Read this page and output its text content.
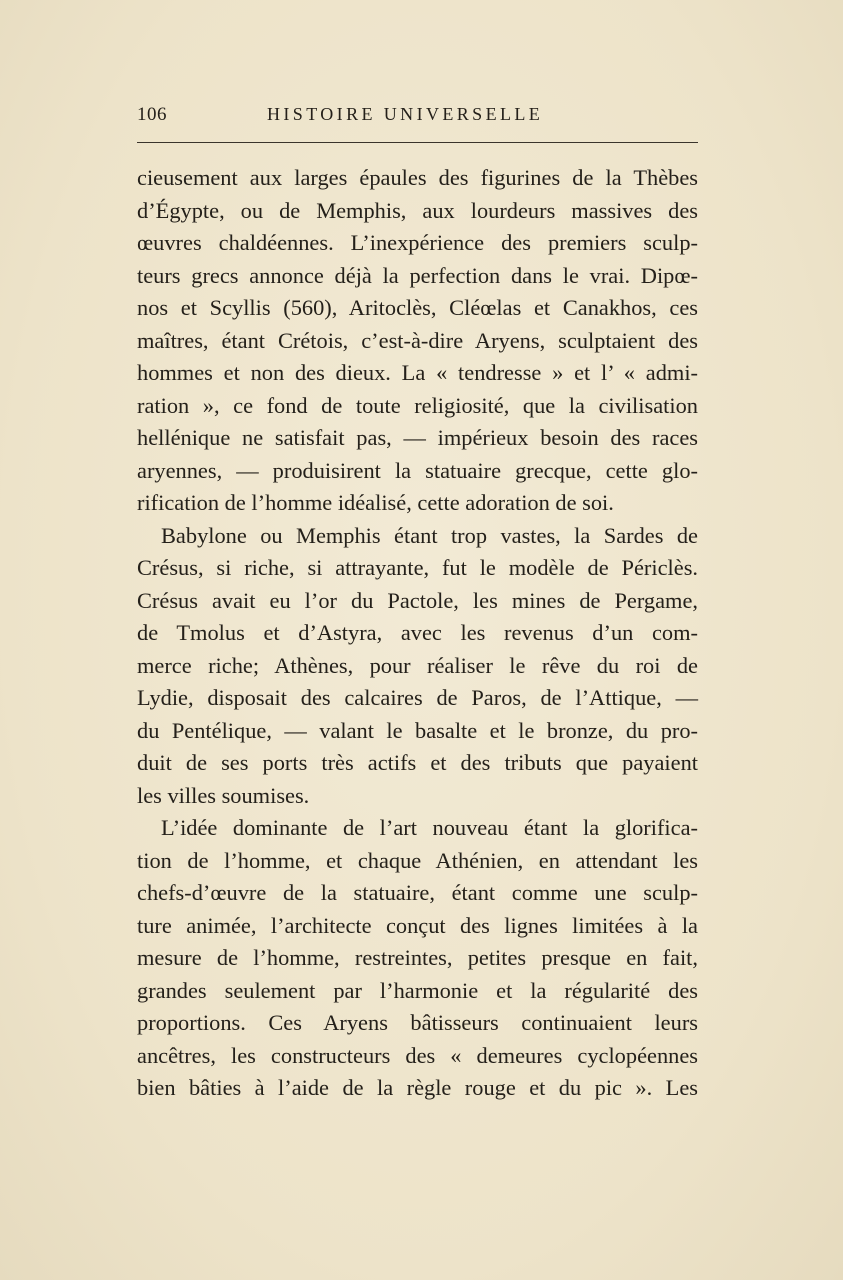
106	HISTOIRE UNIVERSELLE
cieusement aux larges épaules des figurines de la Thèbes
d’Égypte, ou de Memphis, aux lourdeurs massives des
œuvres chaldéennes. L’inexpérience des premiers sculp-
teurs grecs annonce déjà la perfection dans le vrai. Dipœ-
nos et Scyllis (560), Aritoclès, Cléœlas et Canakhos, ces
maîtres, étant Crétois, c’est-à-dire Aryens, sculptaient des
hommes et non des dieux. La « tendresse » et l’ « admi-
ration », ce fond de toute religiosité, que la civilisation
hellénique ne satisfait pas, — impérieux besoin des races
aryennes, — produisirent la statuaire grecque, cette glo-
rification de l’homme idéalisé, cette adoration de soi.
Babylone ou Memphis étant trop vastes, la Sardes de
Crésus, si riche, si attrayante, fut le modèle de Périclès.
Crésus avait eu l’or du Pactole, les mines de Pergame,
de Tmolus et d’Astyra, avec les revenus d’un com-
merce riche; Athènes, pour réaliser le rêve du roi de
Lydie, disposait des calcaires de Paros, de l’Attique, —
du Pentélique, — valant le basalte et le bronze, du pro-
duit de ses ports très actifs et des tributs que payaient
les villes soumises.
L’idée dominante de l’art nouveau étant la glorifica-
tion de l’homme, et chaque Athénien, en attendant les
chefs-d’œuvre de la statuaire, étant comme une sculp-
ture animée, l’architecte conçut des lignes limitées à la
mesure de l’homme, restreintes, petites presque en fait,
grandes seulement par l’harmonie et la régularité des
proportions. Ces Aryens bâtisseurs continuaient leurs
ancêtres, les constructeurs des « demeures cyclopéennes
bien bâties à l’aide de la règle rouge et du pic ». Les
